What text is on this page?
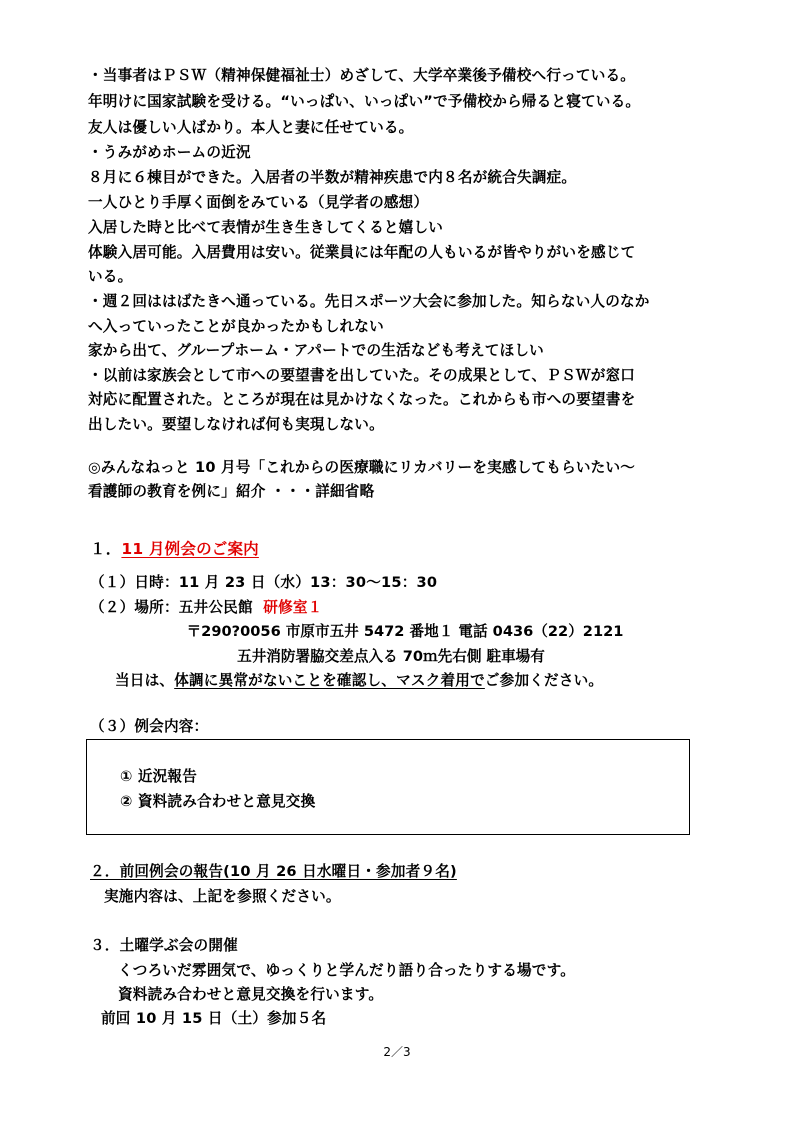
・当事者はＰＳＷ（精神保健福祉士）めざして、大学卒業後予備校へ行っている。
年明けに国家試験を受ける。“いっぱい、いっぱい”で予備校から帰ると寝ている。
友人は優しい人ばかり。本人と妻に任せている。
・うみがめホームの近況
８月に６棟目ができた。入居者の半数が精神疾患で内８名が統合失調症。
一人ひとり手厚く面倒をみている（見学者の感想）
入居した時と比べて表情が生き生きしてくると嬉しい
体験入居可能。入居費用は安い。従業員には年配の人もいるが皆やりがいを感じて
いる。
・週２回ははばたきへ通っている。先日スポーツ大会に参加した。知らない人のなか
へ入っていったことが良かったかもしれない
家から出て、グループホーム・アパートでの生活なども考えてほしい
・以前は家族会として市への要望書を出していた。その成果として、ＰＳＷが窓口
対応に配置された。ところが現在は見かけなくなった。これからも市への要望書を
出したい。要望しなければ何も実現しない。
◎みんなねっと 10 月号「これからの医療職にリカバリーを実感してもらいたい〜
看護師の教育を例に」紹介 ・・・詳細省略
１．11 月例会のご案内
（１）日時：11 月 23 日（水）13：30〜15：30
（２）場所：五井公民館 研修室１
〒290?0056 市原市五井 5472 番地１ 電話 0436（22）2121
五井消防署脇交差点入る 70ｍ先右側 駐車場有
当日は、体調に異常がないことを確認し、マスク着用でご参加ください。
（３）例会内容：
① 近況報告
② 資料読み合わせと意見交換
２．前回例会の報告(10 月 26 日水曜日・参加者９名)
実施内容は、上記を参照ください。
３．土曜学ぶ会の開催
くつろいだ雰囲気で、ゆっくりと学んだり語り合ったりする場です。
資料読み合わせと意見交換を行います。
前回 10 月 15 日（土）参加５名
2／3
